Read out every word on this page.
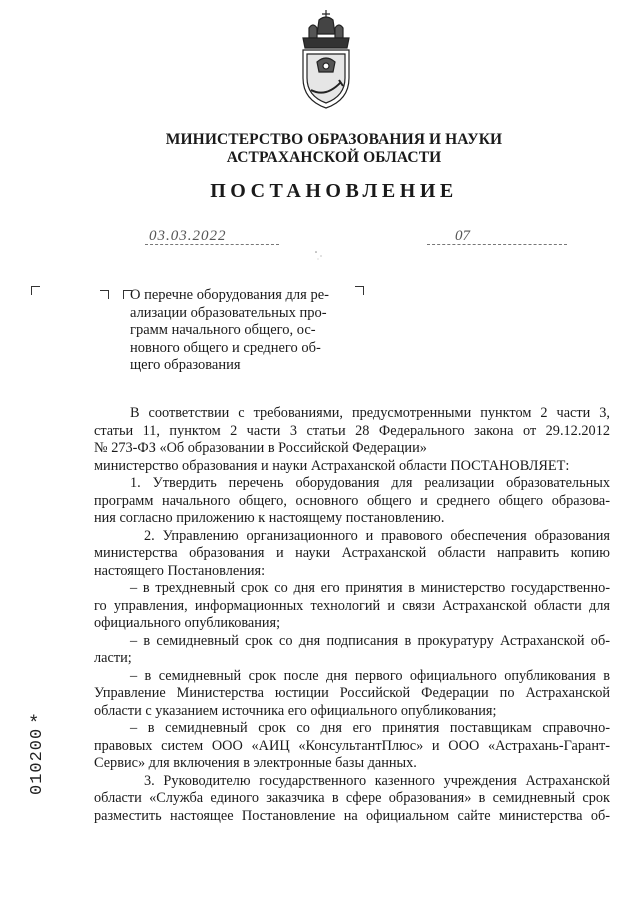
МИНИСТЕРСТВО ОБРАЗОВАНИЯ И НАУКИ
АСТРАХАНСКОЙ ОБЛАСТИ
ПОСТАНОВЛЕНИЕ
03.03.2022	07
О перечне оборудования для ре-
ализации образовательных про-
грамм начального общего, ос-
новного общего и среднего об-
щего образования

В соответствии с требованиями, предусмотренными пунктом 2 части 3,

статьи 11, пунктом 2 части 3 статьи 28 Федерального закона от 29.12.2012

№ 273-ФЗ «Об образовании в Российской Федерации»

министерство образования и науки Астраханской области ПОСТАНОВЛЯЕТ:

1. Утвердить перечень оборудования для реализации образовательных

программ начального общего, основного общего и среднего общего образова-

ния согласно приложению к настоящему постановлению.

2. Управлению организационного и правового обеспечения образования

министерства образования и науки Астраханской области направить копию

настоящего Постановления:

– в трехдневный срок со дня его принятия в министерство государственно-

го управления, информационных технологий и связи Астраханской области для

официального опубликования;

– в семидневный срок со дня подписания в прокуратуру Астраханской об-

ласти;

– в семидневный срок после дня первого официального опубликования в

Управление Министерства юстиции Российской Федерации по Астраханской

области с указанием источника его официального опубликования;

– в семидневный срок со дня его принятия поставщикам справочно-

правовых систем ООО «АИЦ «КонсультантПлюс» и ООО «Астрахань-Гарант-

Сервис» для включения в электронные базы данных.

3. Руководителю государственного казенного учреждения Астраханской

области «Служба единого заказчика в сфере образования» в семидневный срок

разместить настоящее Постановление на официальном сайте министерства об-

*
010200
